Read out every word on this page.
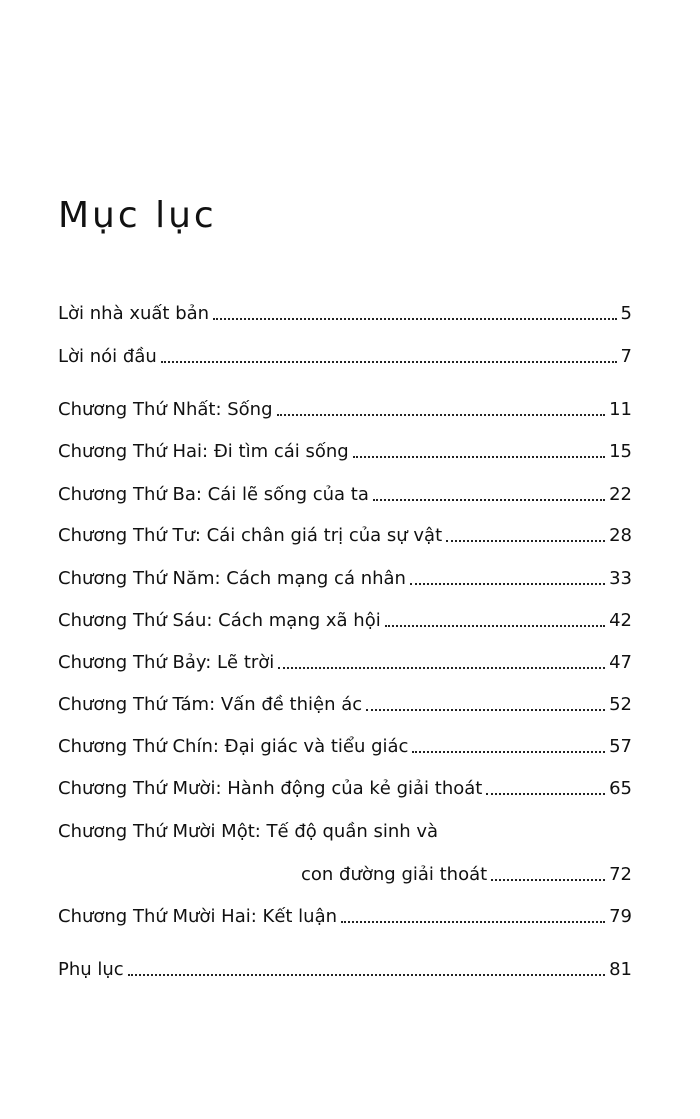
Mục lục
Lời nhà xuất bản	5
Lời nói đầu	7
Chương Thứ Nhất: Sống	11
Chương Thứ Hai: Đi tìm cái sống	15
Chương Thứ Ba: Cái lẽ sống của ta	22
Chương Thứ Tư: Cái chân giá trị của sự vật	28
Chương Thứ Năm: Cách mạng cá nhân	33
Chương Thứ Sáu: Cách mạng xã hội	42
Chương Thứ Bảy: Lẽ trời	47
Chương Thứ Tám: Vấn đề thiện ác	52
Chương Thứ Chín: Đại giác và tiểu giác	57
Chương Thứ Mười: Hành động của kẻ giải thoát	65
Chương Thứ Mười Một: Tế độ quần sinh và
con đường giải thoát	72
Chương Thứ Mười Hai: Kết luận	79
Phụ lục	81
